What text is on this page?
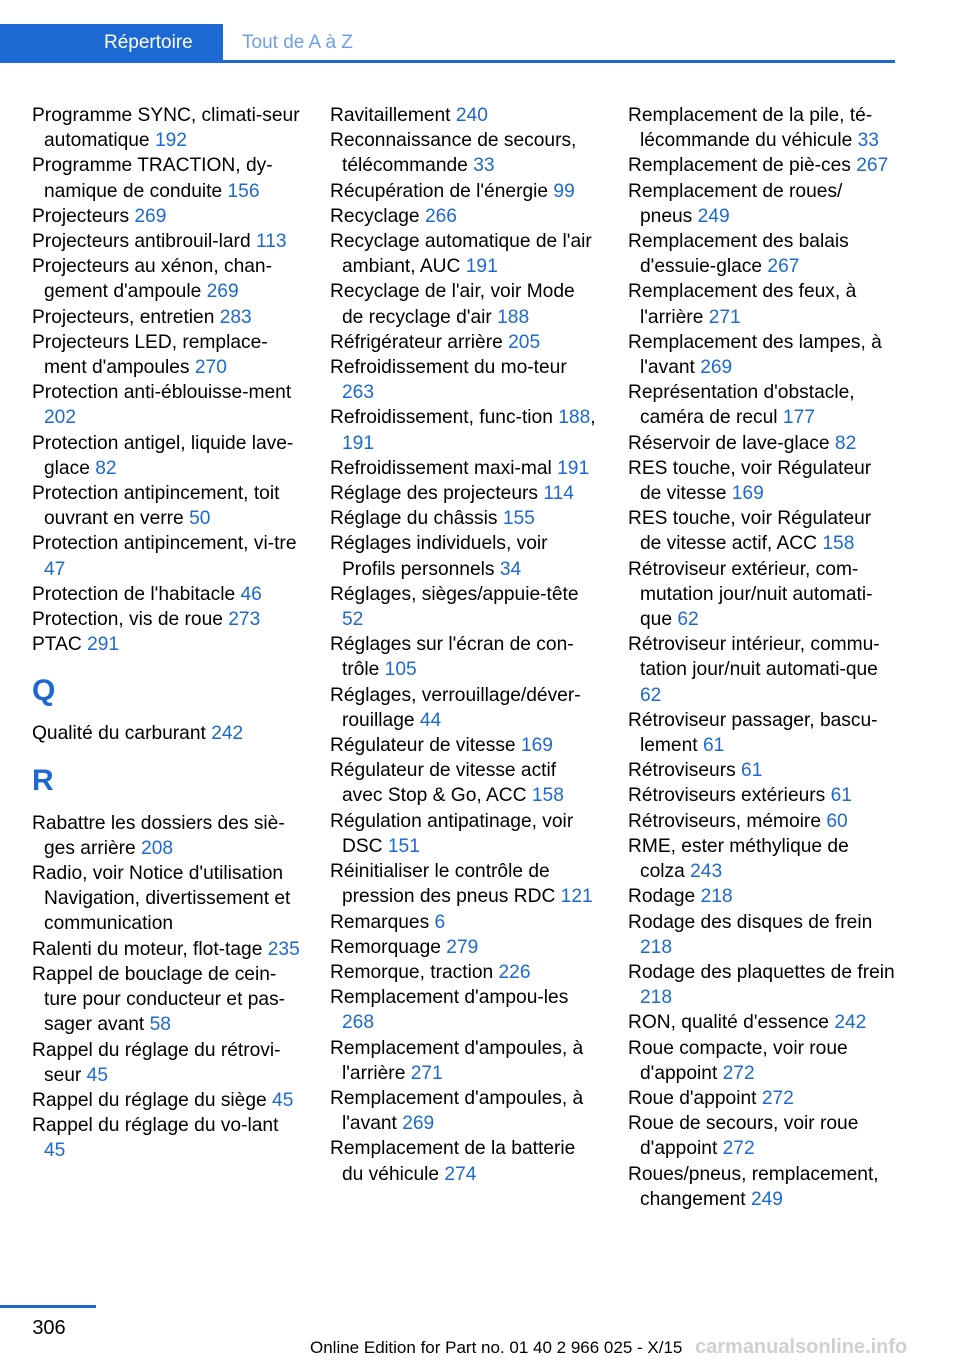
Répertoire	Tout de A à Z

Programme SYNC, climati-seur automatique 192

Programme TRACTION, dy-namique de conduite 156

Projecteurs 269

Projecteurs antibrouil-lard 113

Projecteurs au xénon, chan-gement d'ampoule 269

Projecteurs, entretien 283

Projecteurs LED, remplace-ment d'ampoules 270

Protection anti-éblouisse-ment 202

Protection antigel, liquide lave-glace 82

Protection antipincement, toit ouvrant en verre 50

Protection antipincement, vi-tre 47

Protection de l'habitacle 46

Protection, vis de roue 273

PTAC 291

Q

Qualité du carburant 242

R

Rabattre les dossiers des siè-ges arrière 208

Radio, voir Notice d'utilisation Navigation, divertissement et communication

Ralenti du moteur, flot-tage 235

Rappel de bouclage de cein-ture pour conducteur et pas-sager avant 58

Rappel du réglage du rétrovi-seur 45

Rappel du réglage du siège 45

Rappel du réglage du vo-lant 45

Ravitaillement 240

Reconnaissance de secours, télécommande 33

Récupération de l'énergie 99

Recyclage 266

Recyclage automatique de l'air ambiant, AUC 191

Recyclage de l'air, voir Mode de recyclage d'air 188

Réfrigérateur arrière 205

Refroidissement du mo-teur 263

Refroidissement, func-tion 188, 191

Refroidissement maxi-mal 191

Réglage des projecteurs 114

Réglage du châssis 155

Réglages individuels, voir Profils personnels 34

Réglages, sièges/appuie-tête 52

Réglages sur l'écran de con-trôle 105

Réglages, verrouillage/déver-rouillage 44

Régulateur de vitesse 169

Régulateur de vitesse actif avec Stop & Go, ACC 158

Régulation antipatinage, voir DSC 151

Réinitialiser le contrôle de pression des pneus RDC 121

Remarques 6

Remorquage 279

Remorque, traction 226

Remplacement d'ampou-les 268

Remplacement d'ampoules, à l'arrière 271

Remplacement d'ampoules, à l'avant 269

Remplacement de la batterie du véhicule 274

Remplacement de la pile, té-lécommande du véhicule 33

Remplacement de piè-ces 267

Remplacement de roues/ pneus 249

Remplacement des balais d'essuie-glace 267

Remplacement des feux, à l'arrière 271

Remplacement des lampes, à l'avant 269

Représentation d'obstacle, caméra de recul 177

Réservoir de lave-glace 82

RES touche, voir Régulateur de vitesse 169

RES touche, voir Régulateur de vitesse actif, ACC 158

Rétroviseur extérieur, com-mutation jour/nuit automati-que 62

Rétroviseur intérieur, commu-tation jour/nuit automati-que 62

Rétroviseur passager, bascu-lement 61

Rétroviseurs 61

Rétroviseurs extérieurs 61

Rétroviseurs, mémoire 60

RME, ester méthylique de colza 243

Rodage 218

Rodage des disques de frein 218

Rodage des plaquettes de frein 218

RON, qualité d'essence 242

Roue compacte, voir roue d'appoint 272

Roue d'appoint 272

Roue de secours, voir roue d'appoint 272

Roues/pneus, remplacement, changement 249

306
Online Edition for Part no. 01 40 2 966 025 - X/15 carmanualsonline.info
